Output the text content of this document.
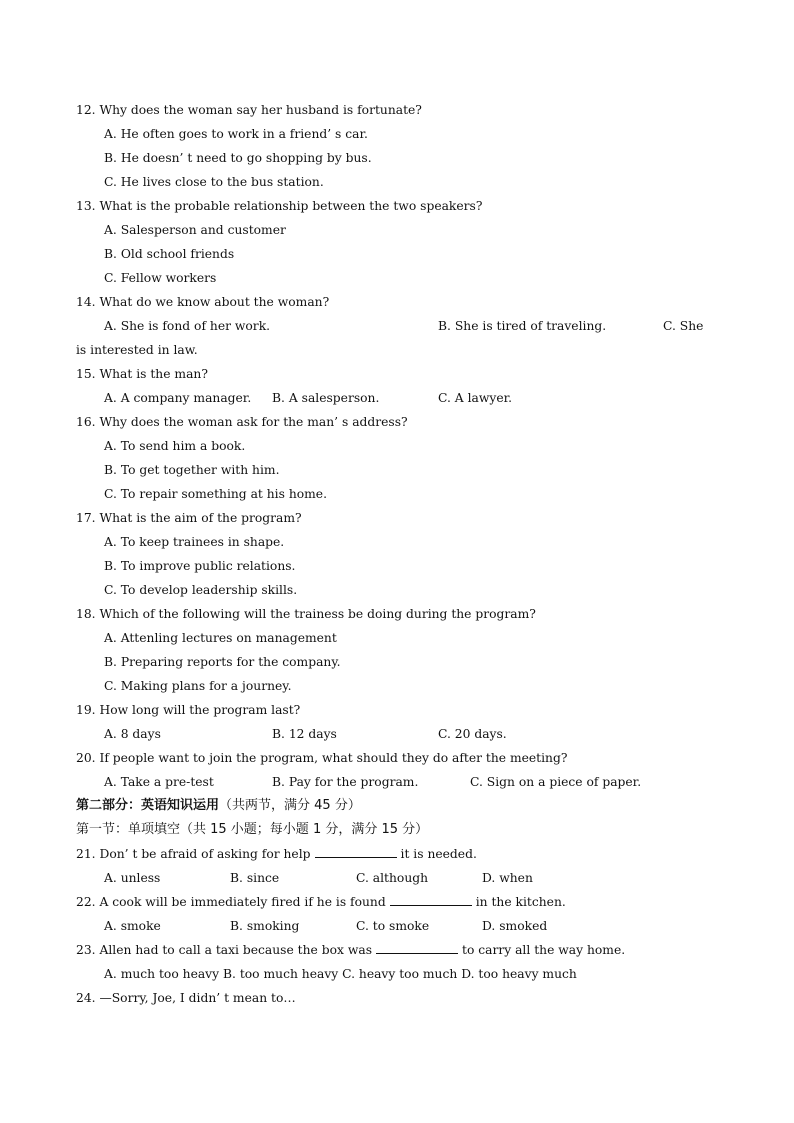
12. Why does the woman say her husband is fortunate?
A. He often goes to work in a friend’ s car.
B. He doesn’ t need to go shopping by bus.
C. He lives close to the bus station.
13. What is the probable relationship between the two speakers?
A. Salesperson and customer
B. Old school friends
C. Fellow workers
14. What do we know about the woman?
A. She is fond of her work.	B. She is tired of traveling.	C. She
is interested in law.
15. What is the man?
A. A company manager.	B. A salesperson.	C. A lawyer.
16. Why does the woman ask for the man’ s address?
A. To send him a book.
B. To get together with him.
C. To repair something at his home.
17. What is the aim of the program?
A. To keep trainees in shape.
B. To improve public relations.
C. To develop leadership skills.
18. Which of the following will the trainess be doing during the program?
A. Attenling lectures on management
B. Preparing reports for the company.
C. Making plans for a journey.
19. How long will the program last?
A. 8 days	B. 12 days	C. 20 days.
20. If people want to join the program, what should they do after the meeting?
A. Take a pre-test	B. Pay for the program.	C. Sign on a piece of paper.
第二部分：英语知识运用（共两节，满分 45 分）
第一节：单项填空（共 15 小题；每小题 1 分，满分 15 分）
21. Don’ t be afraid of asking for help	it is needed.
A. unless	B. since	C. although	D. when
22. A cook will be immediately fired if he is found	in the kitchen.
A. smoke	B. smoking	C. to smoke	D. smoked
23. Allen had to call a taxi because the box was	to carry all the way home.
A. much too heavy B. too much heavy C. heavy too much D. too heavy much
24. —Sorry, Joe, I didn’ t mean to…
